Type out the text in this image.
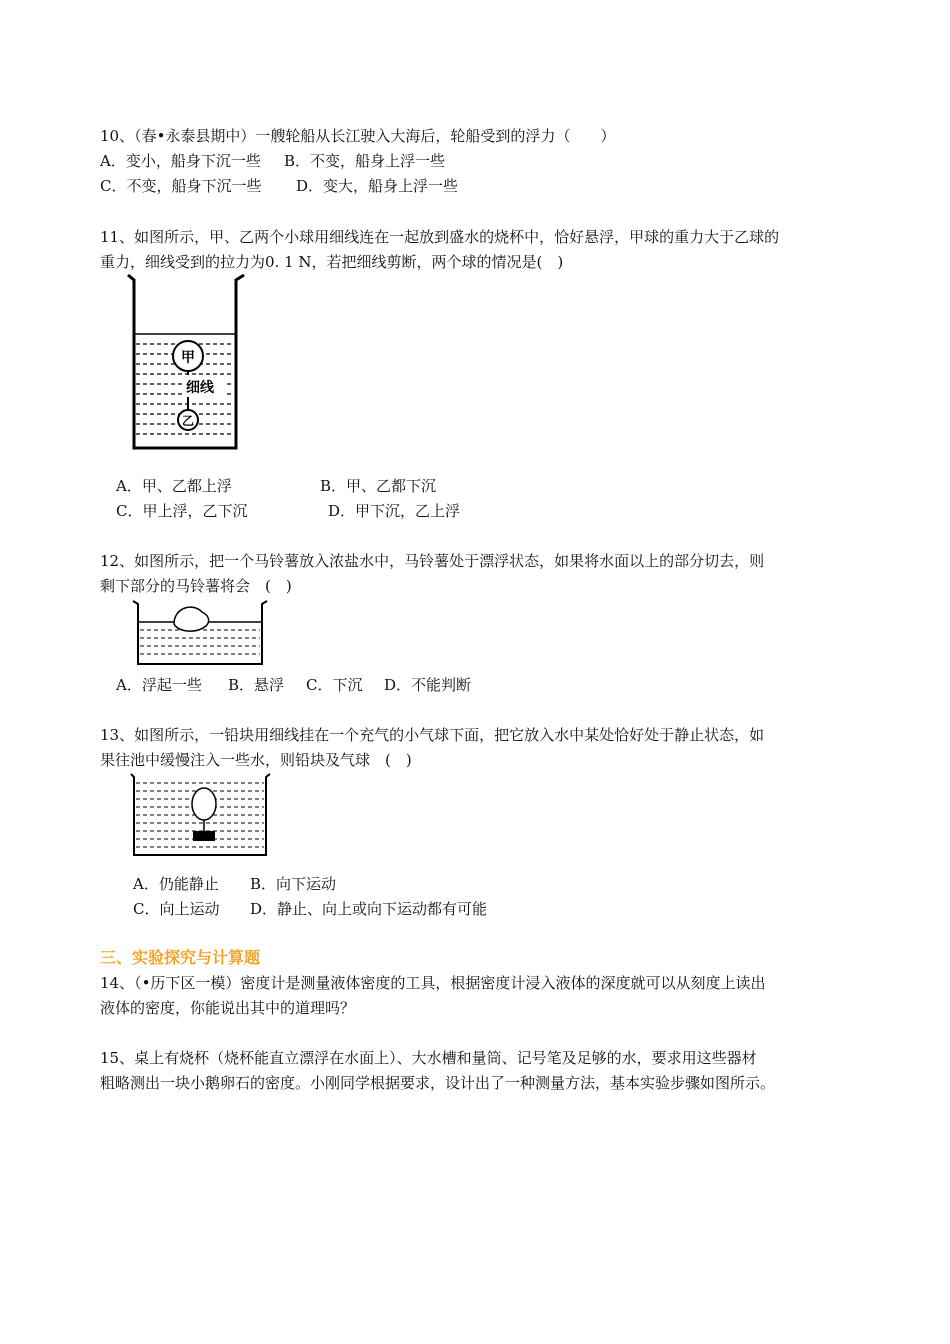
10、（春•永泰县期中）一艘轮船从长江驶入大海后，轮船受到的浮力（　　）
A．变小，船身下沉一些 B．不变，船身上浮一些
C．不变，船身下沉一些 D．变大，船身上浮一些
11、如图所示，甲、乙两个小球用细线连在一起放到盛水的烧杯中，恰好悬浮，甲球的重力大于乙球的
重力，细线受到的拉力为0. 1 N，若把细线剪断，两个球的情况是(　)
甲
细线
乙
A．甲、乙都上浮	B．甲、乙都下沉
C．甲上浮，乙下沉	D．甲下沉，乙上浮
12、如图所示，把一个马铃薯放入浓盐水中，马铃薯处于漂浮状态，如果将水面以上的部分切去，则
剩下部分的马铃薯将会　(　)
A．浮起一些 B．悬浮 C．下沉 D．不能判断
13、如图所示，一铅块用细线挂在一个充气的小气球下面，把它放入水中某处恰好处于静止状态，如
果往池中缓慢注入一些水，则铅块及气球　(　)
A．仍能静止 B．向下运动
C．向上运动 D．静止、向上或向下运动都有可能
三、实验探究与计算题
14、（•历下区一模）密度计是测量液体密度的工具，根据密度计浸入液体的深度就可以从刻度上读出
液体的密度，你能说出其中的道理吗？
15、桌上有烧杯（烧杯能直立漂浮在水面上）、大水槽和量筒、记号笔及足够的水，要求用这些器材
粗略测出一块小鹅卵石的密度。小刚同学根据要求，设计出了一种测量方法，基本实验步骤如图所示。
